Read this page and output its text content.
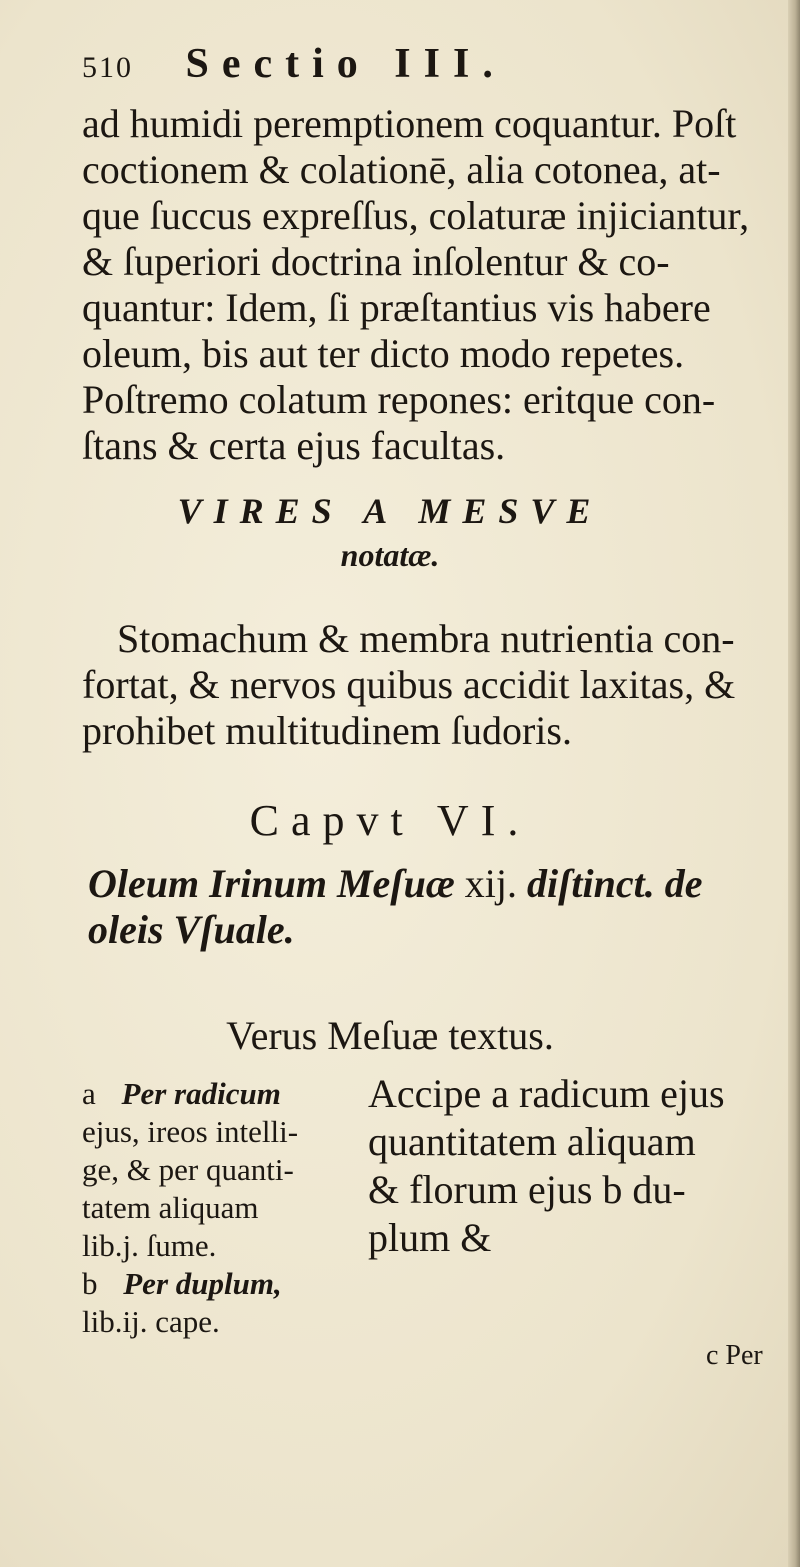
510 Sectio III.
ad humidi peremptionem coquantur. Poſt
coctionem & colationē, alia cotonea, at-
que ſuccus expreſſus, colaturæ injiciantur,
& ſuperiori doctrina inſolentur & co-
quantur: Idem, ſi præſtantius vis habere
oleum, bis aut ter dicto modo repetes.
Poſtremo colatum repones: eritque con-
ſtans & certa ejus facultas.
VIRES A MESVE
notatæ.
Stomachum & membra nutrientia con-
fortat, & nervos quibus accidit laxitas, &
prohibet multitudinem ſudoris.
Capvt VI.
Oleum Irinum Meſuæ xij. diſtinct. de
oleis Vſuale.
Verus Meſuæ textus.
a Per radicum
ejus, ireos intelli-
ge, & per quanti-
tatem aliquam
lib.j. ſume.
b Per duplum,
lib.ij. cape.
Accipe a radicum ejus
quantitatem aliquam
& florum ejus b du-
plum &
c Per
